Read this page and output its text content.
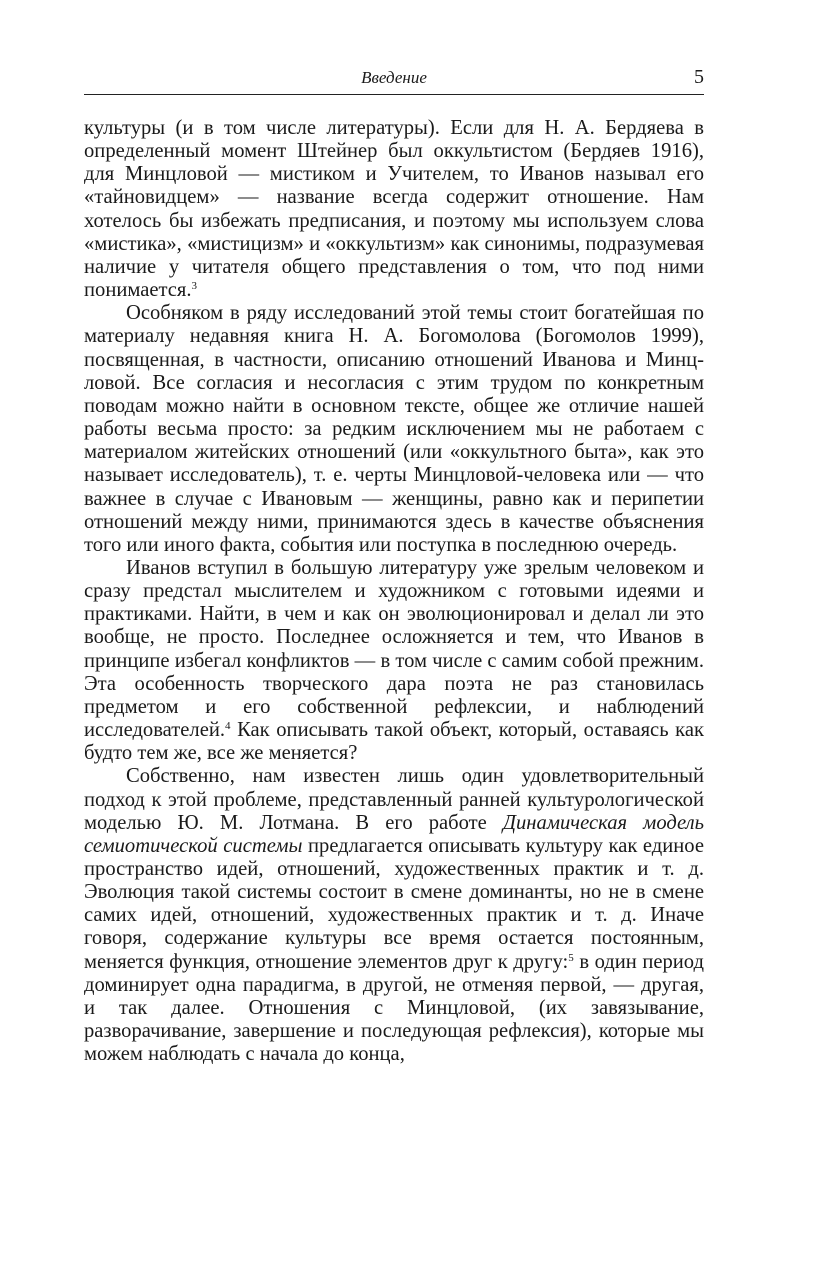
Введение	5

культуры (и в том числе литературы). Если для Н. А. Бердяева в определенный момент Штейнер был оккультистом (Бердяев 1916), для Минцловой — мистиком и Учителем, то Иванов называл его «тайновидцем» — название всегда содержит отношение. Нам хотелось бы избежать предписания, и поэтому мы используем слова «мистика», «мистицизм» и «оккультизм» как синонимы, подразумевая наличие у читателя общего представления о том, что под ними понимается.$^3$

Особняком в ряду исследований этой темы стоит богатейшая по материалу недавняя книга Н. А. Богомолова (Богомолов 1999), посвященная, в частности, описанию отношений Иванова и Минцловой. Все согласия и несогласия с этим трудом по конкретным поводам можно найти в основном тексте, общее же отличие нашей работы весьма просто: за редким исключением мы не работаем с материалом житейских отношений (или «оккультного быта», как это называет исследователь), т. е. черты Минцловой-человека или — что важнее в случае с Ивановым — женщины, равно как и перипетии отношений между ними, принимаются здесь в качестве объяснения того или иного факта, события или поступка в последнюю очередь.

Иванов вступил в большую литературу уже зрелым человеком и сразу предстал мыслителем и художником с готовыми идеями и практиками. Найти, в чем и как он эволюционировал и делал ли это вообще, не просто. Последнее осложняется и тем, что Иванов в принципе избегал конфликтов — в том числе с самим собой прежним. Эта особенность творческого дара поэта не раз становилась предметом и его собственной рефлексии, и наблюдений исследователей.$^4$ Как описывать такой объект, который, оставаясь как будто тем же, все же меняется?

Собственно, нам известен лишь один удовлетворительный подход к этой проблеме, представленный ранней культурологической моделью Ю. М. Лотмана. В его работе Динамическая модель семиотической системы предлагается описывать культуру как единое пространство идей, отношений, художественных практик и т. д. Эволюция такой системы состоит в смене доминанты, но не в смене самих идей, отношений, художественных практик и т. д. Иначе говоря, содержание культуры все время остается постоянным, меняется функция, отношение элементов друг к другу:$^5$ в один период доминирует одна парадигма, в другой, не отменяя первой, — другая, и так далее. Отношения с Минцловой, (их завязывание, разворачивание, завершение и последующая рефлексия), которые мы можем наблюдать с начала до конца,
